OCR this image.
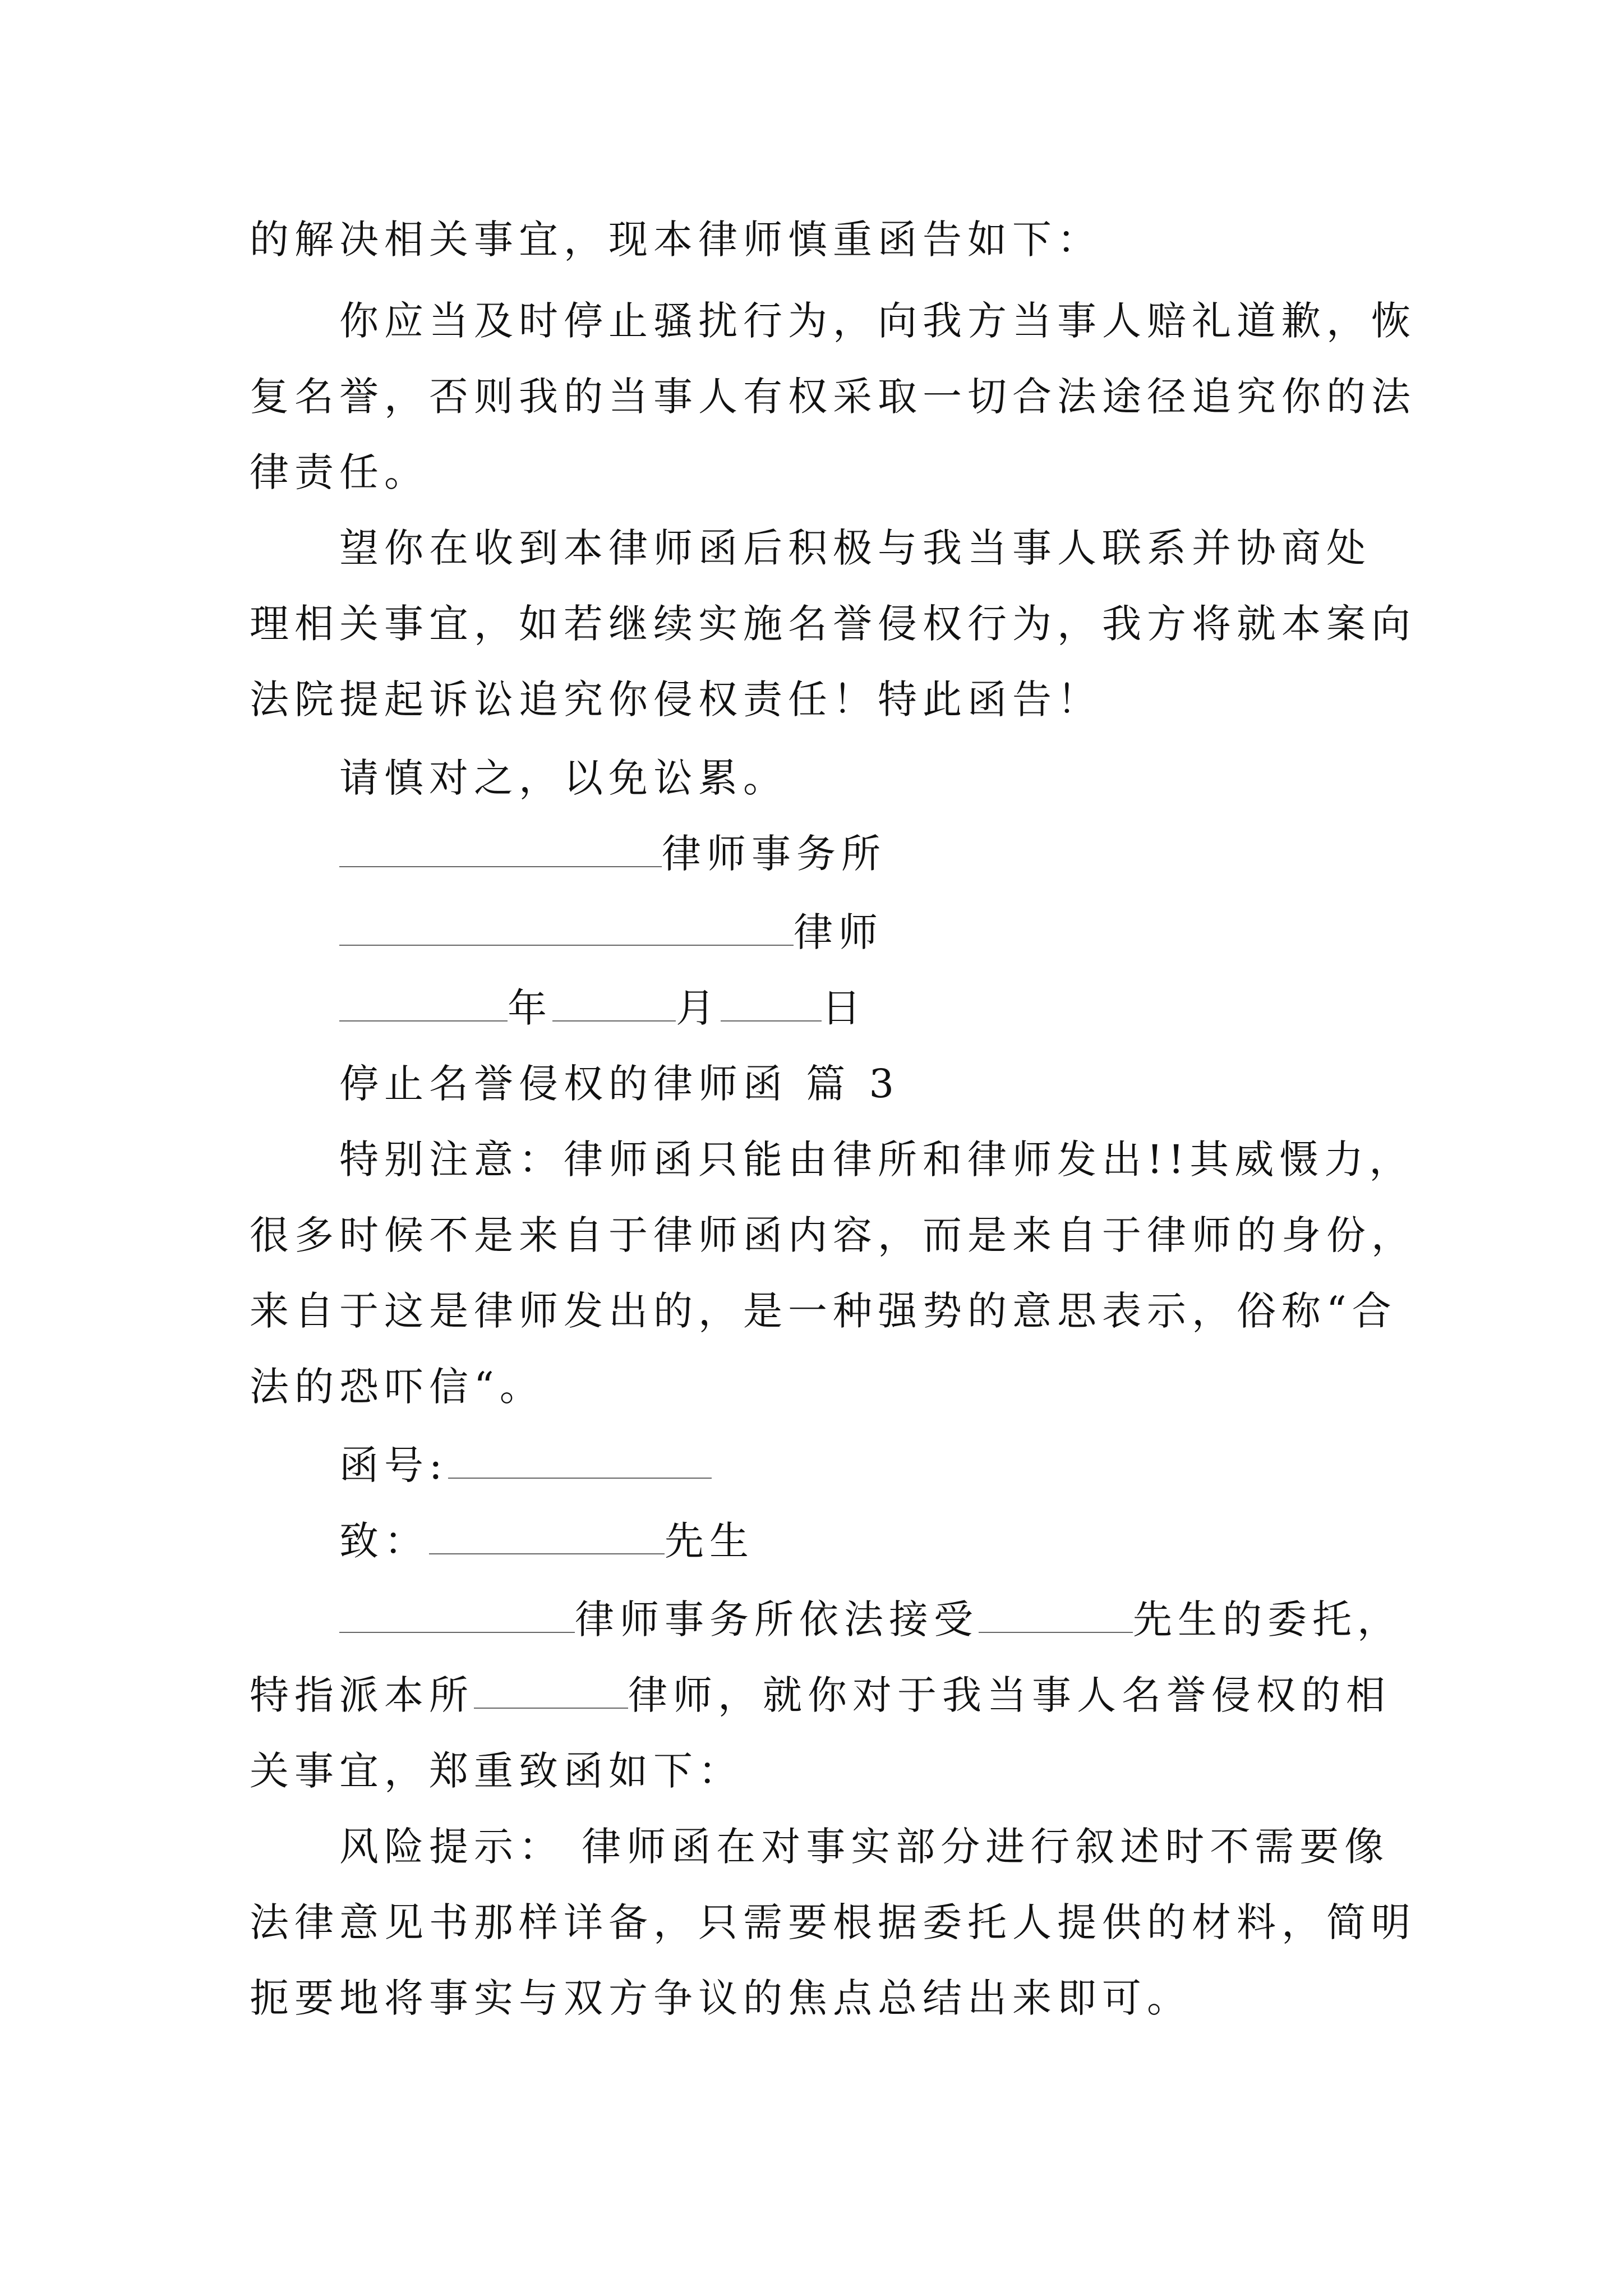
的解决相关事宜，现本律师慎重函告如下：
你应当及时停止骚扰行为，向我方当事人赔礼道歉，恢
复名誉，否则我的当事人有权采取一切合法途径追究你的法
律责任。
望你在收到本律师函后积极与我当事人联系并协商处
理相关事宜，如若继续实施名誉侵权行为，我方将就本案向
法院提起诉讼追究你侵权责任！特此函告！
请慎对之，以免讼累。
律师事务所
律师
年	月	日
停止名誉侵权的律师函 篇 3
特别注意：律师函只能由律所和律师发出!!其威慑力，
很多时候不是来自于律师函内容，而是来自于律师的身份，
来自于这是律师发出的，是一种强势的意思表示，俗称“合
法的恐吓信“。
函号:
致：	先生
律师事务所依法接受	先生的委托，
特指派本所	律师，就你对于我当事人名誉侵权的相
关事宜，郑重致函如下：
风险提示： 律师函在对事实部分进行叙述时不需要像
法律意见书那样详备，只需要根据委托人提供的材料，简明
扼要地将事实与双方争议的焦点总结出来即可。
